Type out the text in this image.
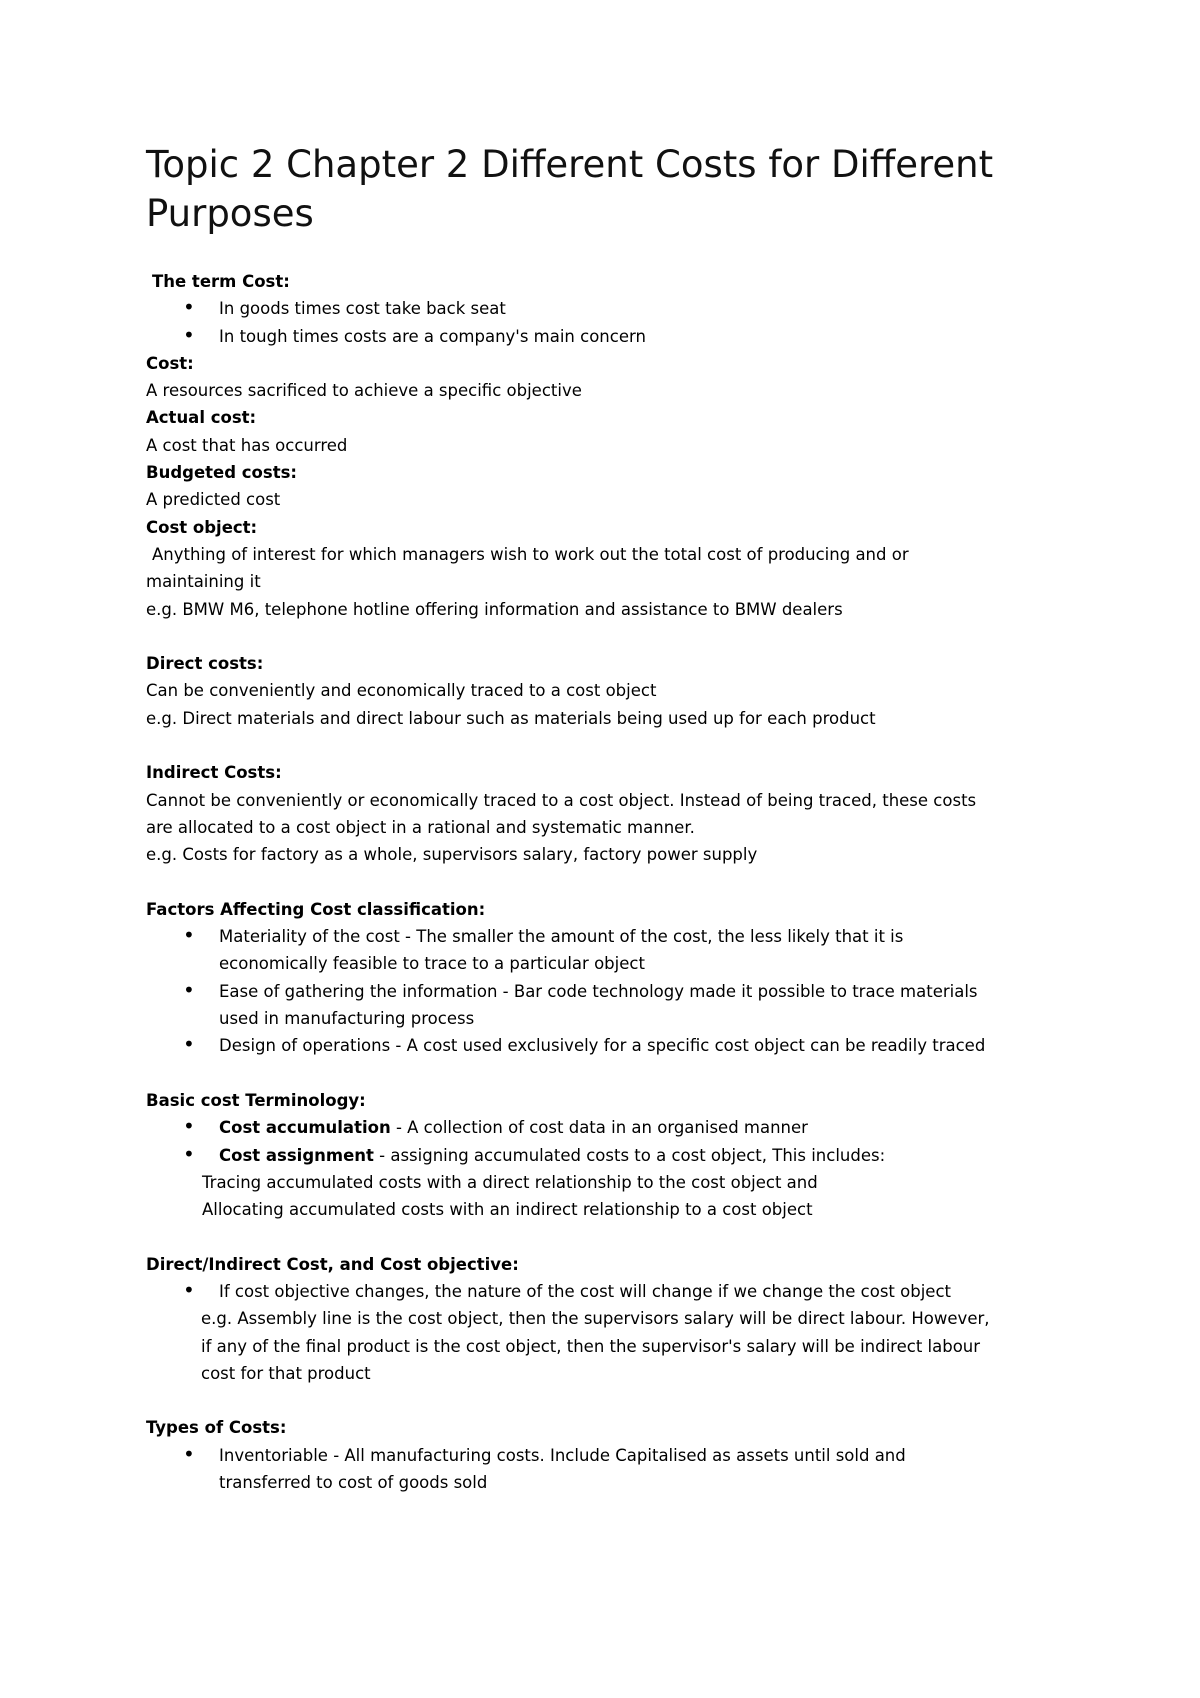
Topic 2 Chapter 2 Different Costs for Different Purposes
The term Cost:
• In goods times cost take back seat
• In tough times costs are a company's main concern
Cost:
A resources sacrificed to achieve a specific objective
Actual cost:
A cost that has occurred
Budgeted costs:
A predicted cost
Cost object:
Anything of interest for which managers wish to work out the total cost of producing and or
maintaining it
e.g. BMW M6, telephone hotline offering information and assistance to BMW dealers
Direct costs:
Can be conveniently and economically traced to a cost object
e.g. Direct materials and direct labour such as materials being used up for each product
Indirect Costs:
Cannot be conveniently or economically traced to a cost object. Instead of being traced, these costs
are allocated to a cost object in a rational and systematic manner.
e.g. Costs for factory as a whole, supervisors salary, factory power supply
Factors Affecting Cost classification:
• Materiality of the cost - The smaller the amount of the cost, the less likely that it is
economically feasible to trace to a particular object
• Ease of gathering the information - Bar code technology made it possible to trace materials
used in manufacturing process
• Design of operations - A cost used exclusively for a specific cost object can be readily traced
Basic cost Terminology:
• Cost accumulation - A collection of cost data in an organised manner
• Cost assignment - assigning accumulated costs to a cost object, This includes:
Tracing accumulated costs with a direct relationship to the cost object and
Allocating accumulated costs with an indirect relationship to a cost object
Direct/Indirect Cost, and Cost objective:
• If cost objective changes, the nature of the cost will change if we change the cost object
e.g. Assembly line is the cost object, then the supervisors salary will be direct labour. However,
if any of the final product is the cost object, then the supervisor's salary will be indirect labour
cost for that product
Types of Costs:
• Inventoriable - All manufacturing costs. Include Capitalised as assets until sold and
transferred to cost of goods sold
